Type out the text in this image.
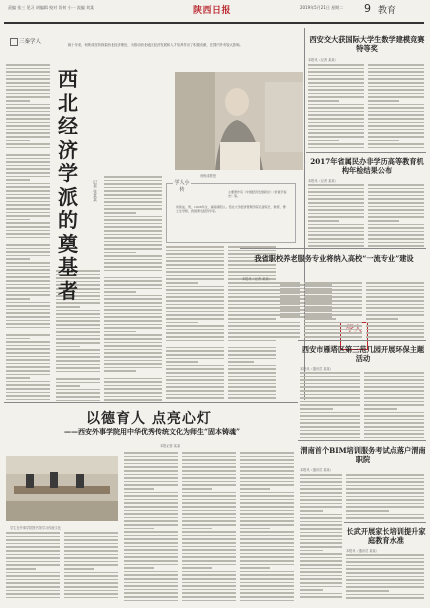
责编 张三 见习 胡编辑 校对 切何 小一 流编 刘某	陕西日报	2019年5月21日 星期二 9 教育
三秦学人	姚十年来，何炼成坚持探索西北经济理论，为推动西北地区经济发展和人才培养作出了积极贡献，在国内外有较大影响。
西北经济学派的奠基者
记者 张某某
何炼成教授
学人小传
何炼成，男，1928年生，湖南浏阳人。西北大学经济管理学院名誉院长、教授、博士生导师，我国著名经济学家。
主要著作有《中国经济发展新论》《价值学说史》等。
西安交大获国际大学生数学建模竞赛特等奖
本报讯（记者 某某）
2017年省属民办非学历高等教育机构年检结果公布
本报讯（记者 某某）
我省职校养老服务专业将纳入高校“一流专业”建设
本报讯（记者 某某）
西安市雁塔区第三范几园开展环保主题活动
本报讯（通讯员 某某）
渭南首个BIM培训服务考试点落户渭南职院
本报讯（通讯员 某某）
长武开展家长培训提升家庭教育水准
本报讯（通讯员 某某）
以德育人 点亮心灯
——西安外事学院用中华优秀传统文化为师生“固本铸魂”
本报记者 某某
学生在外事学院图书馆学习传统文化
